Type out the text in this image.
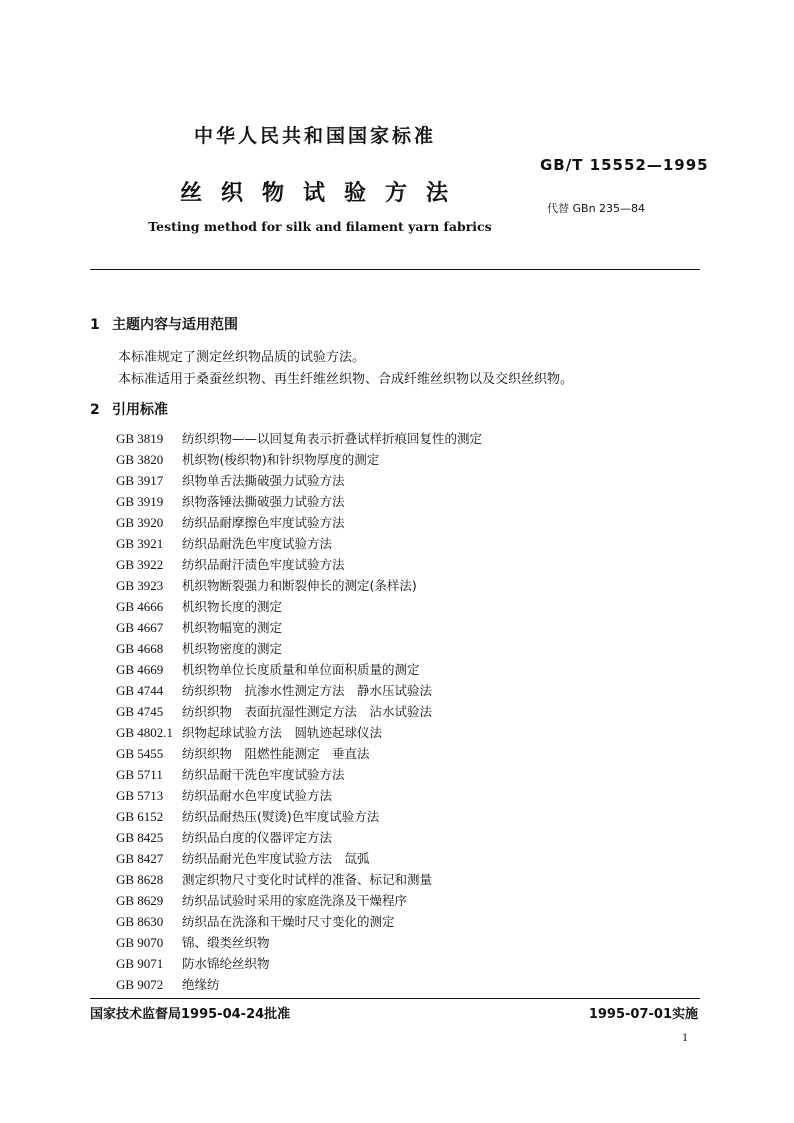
中华人民共和国国家标准
GB/T 15552—1995
丝织物试验方法
代替 GBn 235—84
Testing method for silk and filament yarn fabrics
1 主题内容与适用范围
本标准规定了测定丝织物品质的试验方法。
本标准适用于桑蚕丝织物、再生纤维丝织物、合成纤维丝织物以及交织丝织物。
2 引用标准
GB 3819	纺织织物——以回复角表示折叠试样折痕回复性的测定
GB 3820	机织物(梭织物)和针织物厚度的测定
GB 3917	织物单舌法撕破强力试验方法
GB 3919	织物落锤法撕破强力试验方法
GB 3920	纺织品耐摩擦色牢度试验方法
GB 3921	纺织品耐洗色牢度试验方法
GB 3922	纺织品耐汗渍色牢度试验方法
GB 3923	机织物断裂强力和断裂伸长的测定(条样法)
GB 4666	机织物长度的测定
GB 4667	机织物幅宽的测定
GB 4668	机织物密度的测定
GB 4669	机织物单位长度质量和单位面积质量的测定
GB 4744	纺织织物　抗渗水性测定方法　静水压试验法
GB 4745	纺织织物　表面抗湿性测定方法　沾水试验法
GB 4802.1 织物起球试验方法　圆轨迹起球仪法
GB 5455	纺织织物　阻燃性能测定　垂直法
GB 5711	纺织品耐干洗色牢度试验方法
GB 5713	纺织品耐水色牢度试验方法
GB 6152	纺织品耐热压(熨烫)色牢度试验方法
GB 8425	纺织品白度的仪器评定方法
GB 8427	纺织品耐光色牢度试验方法　氙弧
GB 8628	测定织物尺寸变化时试样的准备、标记和测量
GB 8629	纺织品试验时采用的家庭洗涤及干燥程序
GB 8630	纺织品在洗涤和干燥时尺寸变化的测定
GB 9070	锦、缎类丝织物
GB 9071	防水锦纶丝织物
GB 9072	绝缘纺
国家技术监督局1995-04-24批准	1995-07-01实施
1
